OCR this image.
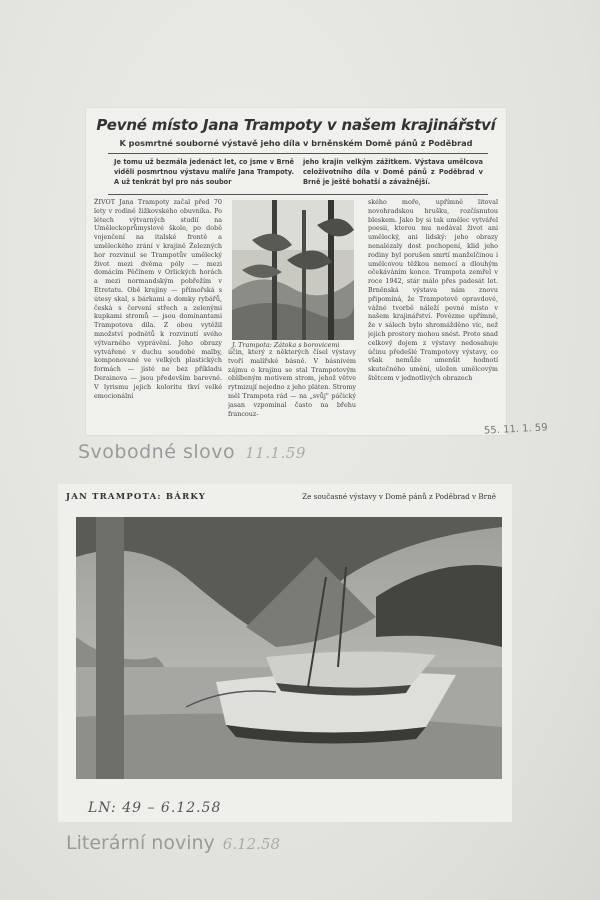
Pevné místo Jana Trampoty v našem krajinářství
K posmrtné souborné výstavě jeho díla v brněnském Domě pánů z Poděbrad
Je tomu už bezmála jedenáct let, co jsme v Brně viděli posmrtnou výstavu malíře Jana Trampoty. A už tenkrát byl pro nás soubor
jeho krajin velkým zážitkem. Výstava umělcova celoživotního díla v Domě pánů z Poděbrad v Brně je ještě bohatší a závažnější.
ŽIVOT Jana Trampoty začal před 70 lety v rodině žižkovského obuvníka. Po létech výtvarných studií na Uměleckoprůmyslové škole, po době vojenčení na italské frontě a uměleckého zrání v krajině Železných hor rozvinul se Trampotův umělecký život mezi dvěma póly — mezi domácím Pěčínem v Orlických horách a mezi normandským pobřežím v Etretatu. Obě krajiny — přímořská s útesy skal, s bárkami a domky rybářů, česká s červení střech a zelenými kupkami stromů — jsou dominantami Trampotova díla. Z obou vytěžil množství podnětů k rozvinutí svého výtvarného vyprávění. Jeho obrazy vytvářené v duchu soudobé malby, komponované ve velkých plastických formách — jisté ne bez příkladu Derainova — jsou především barevné. V lyrismu jejich koloritu tkví velké emocionální
J. Trampota: Zátoka s borovicemi
účin, který z některých čísel výstavy tvoří malířské básně. V básnivém zájmu o krajinu se stal Trampotovým oblíbeným motivem strom, jehož větve rytmizují nejedno z jeho pláten. Stromy měl Trampota rád — na „svůj" páčický jasan vzpomínal často na břehu francouz-
ského moře, upřímně litoval novohradskou hrušku, rozčísnutou bleskem. Jako by si tak umělec vytvářel poesii, kterou mu nedával život ani umělecký, ani lidský: jeho obrazy nenalézaly dost pochopení, klid jeho rodiny byl porušen smrtí manželčinou i umělcovou těžkou nemocí a dlouhým očekáváním konce. Trampota zemřel v roce 1942, stár málo přes padesát let. Brněnská výstava nám znovu připomíná, že Trampotově opravdové, vážné tvorbě náleží pevné místo v našem krajinářství. Povězme upřímně, že v sálech bylo shromážděno víc, než jejich prostory mohou snést. Proto snad celkový dojem z výstavy nedosahuje účinu předešlé Trampotovy výstavy, co však nemůže umenšit hodnotí skutečného umění, uložen umělcovým štětcem v jednotlivých obrazech
55. 11. 1. 59
Svobodné slovo 11.1.59
JAN TRAMPOTA: BÁRKY	Ze současné výstavy v Domě pánů z Poděbrad v Brně
LN: 49 – 6.12.58
Literární noviny 6.12.58
